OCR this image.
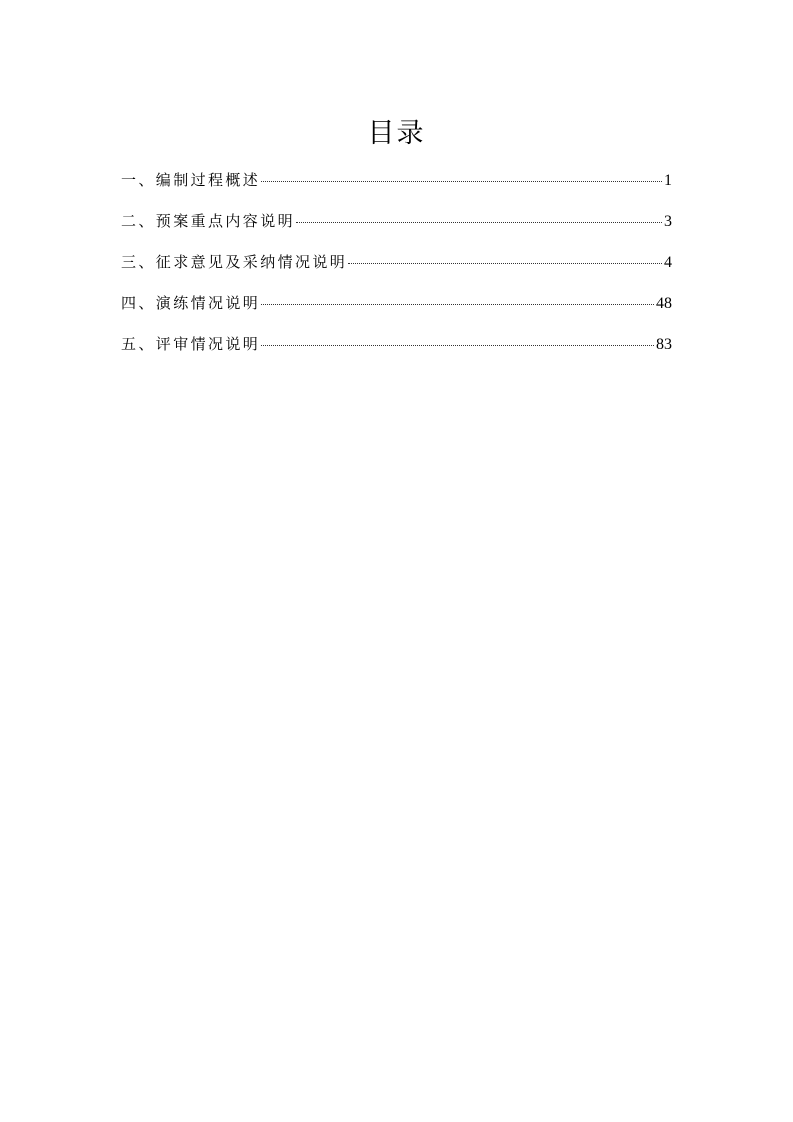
目录
一、编制过程概述	1
二、预案重点内容说明	3
三、征求意见及采纳情况说明	4
四、演练情况说明	48
五、评审情况说明	83
